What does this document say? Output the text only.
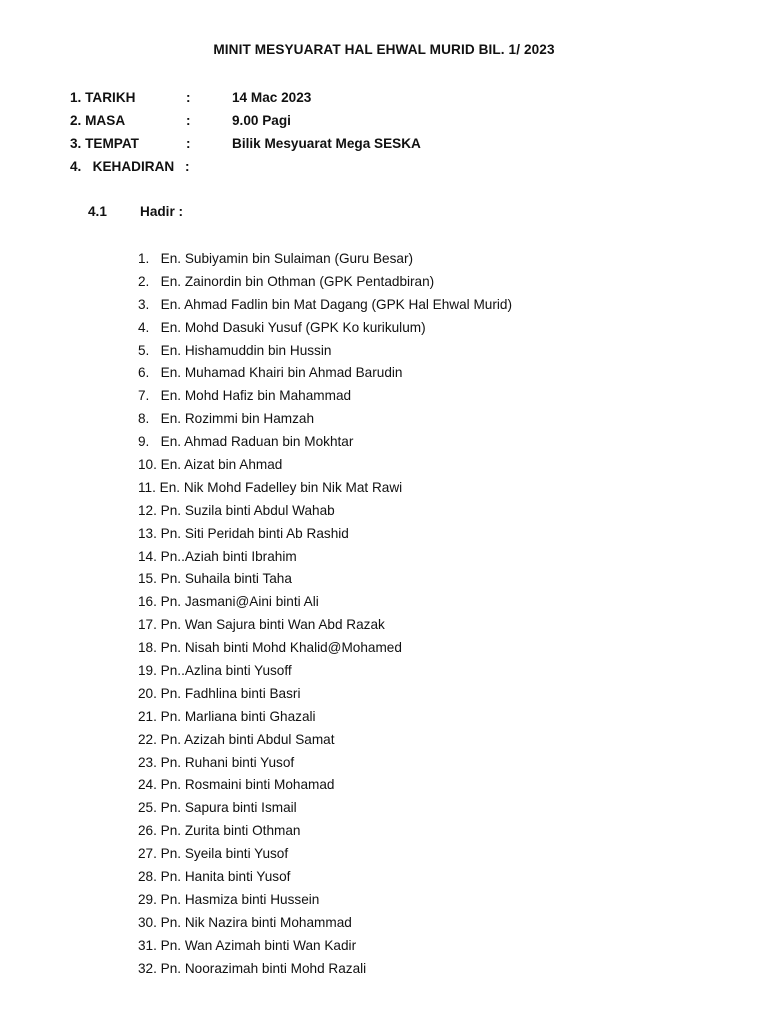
MINIT MESYUARAT HAL EHWAL MURID BIL. 1/ 2023
1. TARIKH	:	14 Mac 2023
2. MASA	:	9.00 Pagi
3. TEMPAT	:	Bilik Mesyuarat Mega SESKA
4.   KEHADIRAN :
4.1 Hadir :
1.   En. Subiyamin bin Sulaiman (Guru Besar)
2.   En. Zainordin bin Othman (GPK Pentadbiran)
3.   En. Ahmad Fadlin bin Mat Dagang (GPK Hal Ehwal Murid)
4.   En. Mohd Dasuki Yusuf (GPK Ko kurikulum)
5.   En. Hishamuddin bin Hussin
6.   En. Muhamad Khairi bin Ahmad Barudin
7.   En. Mohd Hafiz bin Mahammad
8.   En. Rozimmi bin Hamzah
9.   En. Ahmad Raduan bin Mokhtar
10. En. Aizat bin Ahmad
11. En. Nik Mohd Fadelley bin Nik Mat Rawi
12. Pn. Suzila binti Abdul Wahab
13. Pn. Siti Peridah binti Ab Rashid
14. Pn..Aziah binti Ibrahim
15. Pn. Suhaila binti Taha
16. Pn. Jasmani@Aini binti Ali
17. Pn. Wan Sajura binti Wan Abd Razak
18. Pn. Nisah binti Mohd Khalid@Mohamed
19. Pn..Azlina binti Yusoff
20. Pn. Fadhlina binti Basri
21. Pn. Marliana binti Ghazali
22. Pn. Azizah binti Abdul Samat
23. Pn. Ruhani binti Yusof
24. Pn. Rosmaini binti Mohamad
25. Pn. Sapura binti Ismail
26. Pn. Zurita binti Othman
27. Pn. Syeila binti Yusof
28. Pn. Hanita binti Yusof
29. Pn. Hasmiza binti Hussein
30. Pn. Nik Nazira binti Mohammad
31. Pn. Wan Azimah binti Wan Kadir
32. Pn. Noorazimah binti Mohd Razali
